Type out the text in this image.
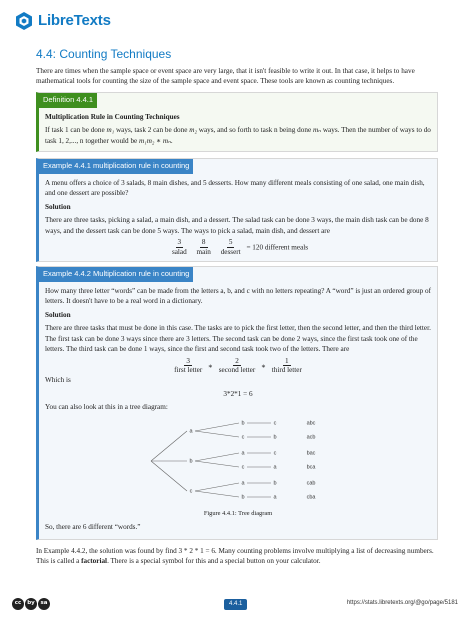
LibreTexts
4.4: Counting Techniques

There are times when the sample space or event space are very large, that it isn't feasible to write it out. In that case, it helps to have mathematical tools for counting the size of the sample space and event space. These tools are known as counting techniques.

Definition 4.4.1

Multiplication Rule in Counting Techniques

If task 1 can be done m₁ ways, task 2 can be done m₂ ways, and so forth to task n being done mₙ ways. Then the number of ways to do task 1, 2,..., n together would be m₁m₂ ∗ mₙ.

Example 4.4.1 multiplication rule in counting

A menu offers a choice of 3 salads, 8 main dishes, and 5 desserts. How many different meals consisting of one salad, one main dish, and one dessert are possible?

Solution

There are three tasks, picking a salad, a main dish, and a dessert. The salad task can be done 3 ways, the main dish task can be done 8 ways, and the dessert task can be done 5 ways. The ways to pick a salad, main dish, and dessert are

$\frac{3}{\text{salad}}$
$\frac{8}{\text{main}}$
$\frac{5}{\text{dessert}} = 120$ different meals
Example 4.4.2 Multiplication rule in counting

How many three letter “words” can be made from the letters a, b, and c with no letters repeating? A “word” is just an ordered group of letters. It doesn't have to be a real word in a dictionary.

Solution

There are three tasks that must be done in this case. The tasks are to pick the first letter, then the second letter, and then the third letter. The first task can be done 3 ways since there are 3 letters. The second task can be done 2 ways, since the first task took one of the letters. The third task can be done 1 ways, since the first and second task took two of the letters. There are

$\frac{3}{\text{first letter}}$ ∗ $\frac{2}{\text{second letter}}$ ∗ $\frac{1}{\text{third letter}}$

Which is

3*2*1 = 6

You can also look at this in a tree diagram:

a
b	c	abc
c	b	acb
b
a	c	bac
c	a	bca
c
a	b	cab
b	a	cba

Figure 4.4.1: Tree diagram

So, there are 6 different “words.”

In Example 4.4.2, the solution was found by find 3 * 2 * 1 = 6. Many counting problems involve multiplying a list of decreasing numbers. This is called a factorial. There is a special symbol for this and a special button on your calculator.

cc	by	sa	4.4.1	https://stats.libretexts.org/@go/page/5181
